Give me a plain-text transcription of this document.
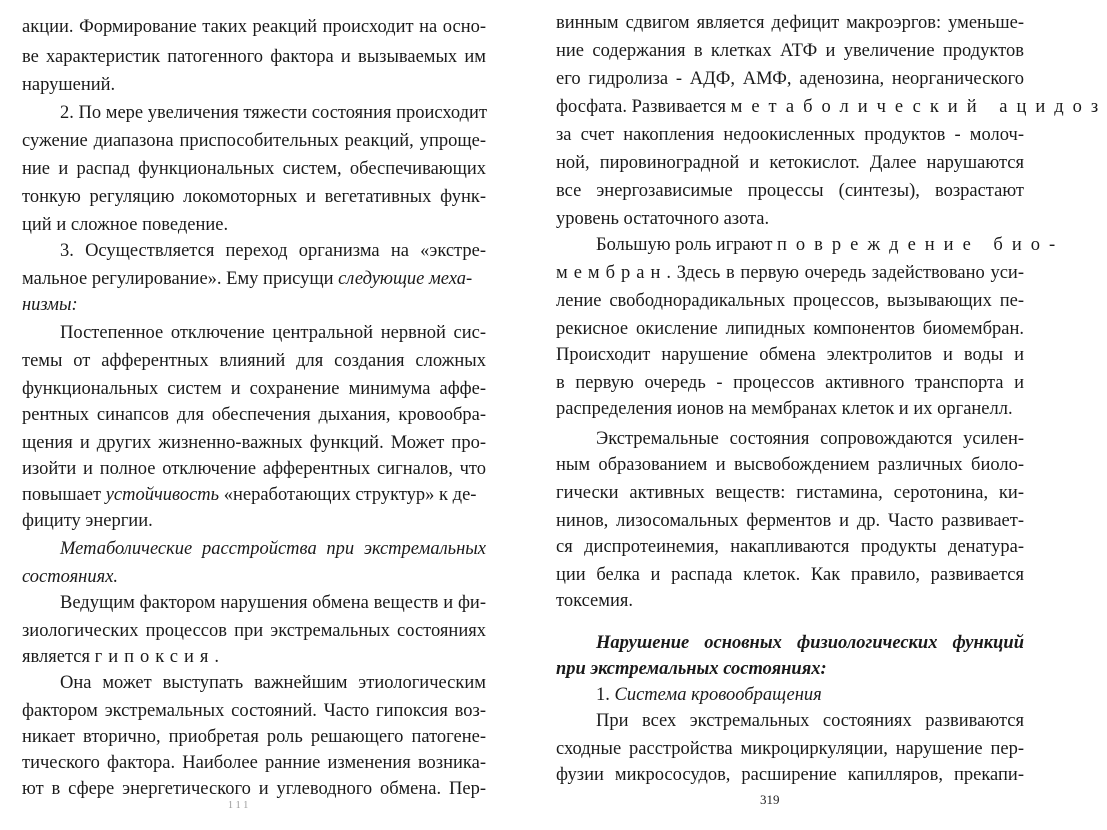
акции. Формирование таких реакций происходит на осно-
ве характеристик патогенного фактора и вызываемых им
нарушений.
2. По мере увеличения тяжести состояния происходит
сужение диапазона приспособительных реакций, упроще-
ние и распад функциональных систем, обеспечивающих
тонкую регуляцию локомоторных и вегетативных функ-
ций и сложное поведение.
3. Осуществляется переход организма на «экстре-
мальное регулирование». Ему присущи следующие меха-
низмы:
Постепенное отключение центральной нервной сис-
темы от афферентных влияний для создания сложных
функциональных систем и сохранение минимума аффе-
рентных синапсов для обеспечения дыхания, кровообра-
щения и других жизненно-важных функций. Может про-
изойти и полное отключение афферентных сигналов, что
повышает устойчивость «неработающих структур» к де-
фициту энергии.
Метаболические расстройства при экстремальных
состояниях.
Ведущим фактором нарушения обмена веществ и фи-
зиологических процессов при экстремальных состояниях
является гипоксия.
Она может выступать важнейшим этиологическим
фактором экстремальных состояний. Часто гипоксия воз-
никает вторично, приобретая роль решающего патогене-
тического фактора. Наиболее ранние изменения возника-
ют в сфере энергетического и углеводного обмена. Пер-
111
винным сдвигом является дефицит макроэргов: уменьше-
ние содержания в клетках АТФ и увеличение продуктов
его гидролиза - АДФ, АМФ, аденозина, неорганического
фосфата. Развивается метаболический ацидоз
за счет накопления недоокисленных продуктов - молоч-
ной, пировиноградной и кетокислот. Далее нарушаются
все энергозависимые процессы (синтезы), возрастают
уровень остаточного азота.
Большую роль играют повреждение био-
мембран. Здесь в первую очередь задействовано уси-
ление свободнорадикальных процессов, вызывающих пе-
рекисное окисление липидных компонентов биомембран.
Происходит нарушение обмена электролитов и воды и
в первую очередь - процессов активного транспорта и
распределения ионов на мембранах клеток и их органелл.
Экстремальные состояния сопровождаются усилен-
ным образованием и высвобождением различных биоло-
гически активных веществ: гистамина, серотонина, ки-
нинов, лизосомальных ферментов и др. Часто развивает-
ся диспротеинемия, накапливаются продукты денатура-
ции белка и распада клеток. Как правило, развивается
токсемия.
Нарушение основных физиологических функций
при экстремальных состояниях:
1. Система кровообращения
При всех экстремальных состояниях развиваются
сходные расстройства микроциркуляции, нарушение пер-
фузии микрососудов, расширение капилляров, прекапи-
319
